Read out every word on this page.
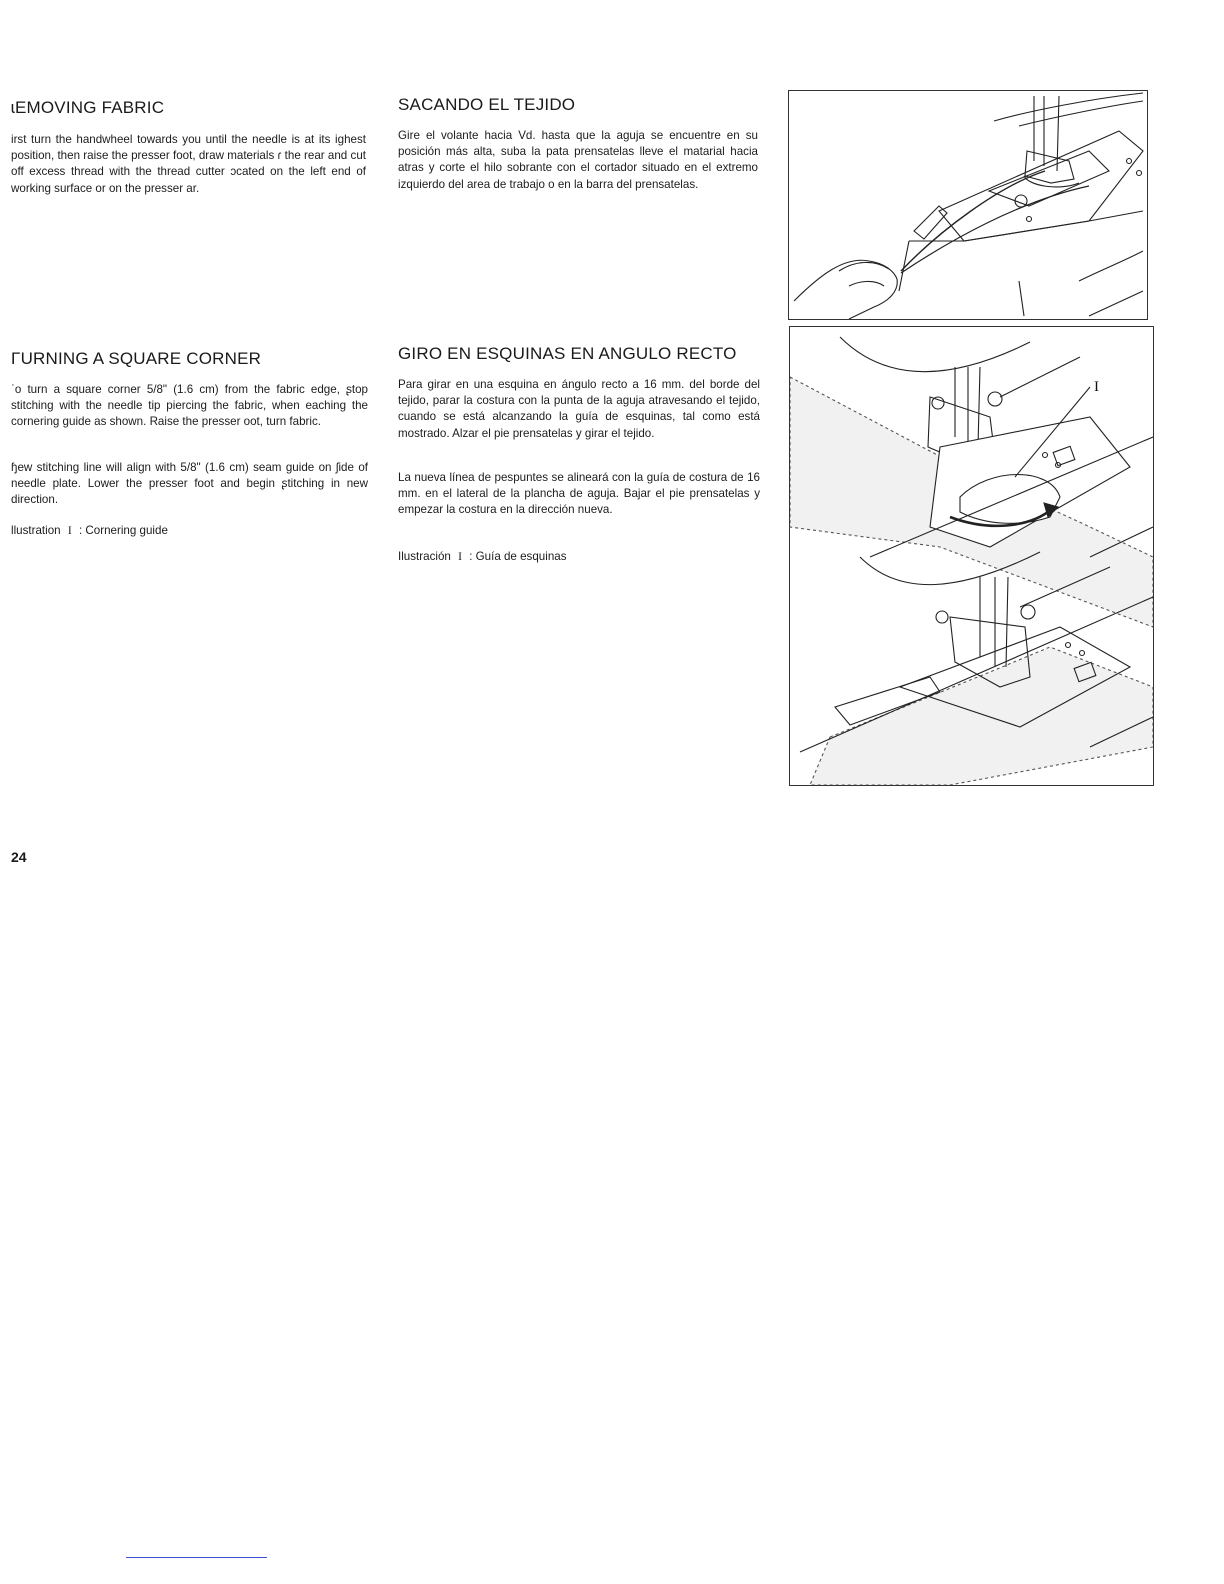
ɩEMOVING FABRIC

irst turn the handwheel towards you until the needle is at its ighest position, then raise the presser foot, draw materials ɾ the rear and cut off excess thread with the thread cutter ɔcated on the left end of working surface or on the presser ar.

SACANDO EL TEJIDO

Gire el volante hacia Vd. hasta que la aguja se encuentre en su posición más alta, suba la pata prensatelas lleve el matarial hacia atras y corte el hilo sobrante con el cortador situado en el extremo izquierdo del area de trabajo o en la barra del prensatelas.

ΓURNING A SQUARE CORNER

ˈo turn a square corner 5/8" (1.6 cm) from the fabric edge, ʂtop stitching with the needle tip piercing the fabric, when eaching the cornering guide as shown. Raise the presser oot, turn fabric.

ɧew stitching line will align with 5/8" (1.6 cm) seam guide on ʃide of needle plate. Lower the presser foot and begin ʂtitching in new direction.

llustration I : Cornering guide

GIRO EN ESQUINAS EN ANGULO RECTO

Para girar en una esquina en ángulo recto a 16 mm. del borde del tejido, parar la costura con la punta de la aguja atravesando el tejido, cuando se está alcanzando la guía de esquinas, tal como está mostrado. Alzar el pie prensatelas y girar el tejido.

La nueva línea de pespuntes se alineará con la guía de costura de 16 mm. en el lateral de la plancha de aguja. Bajar el pie prensatelas y empezar la costura en la dirección nueva.

Ilustración I : Guía de esquinas

I

24
